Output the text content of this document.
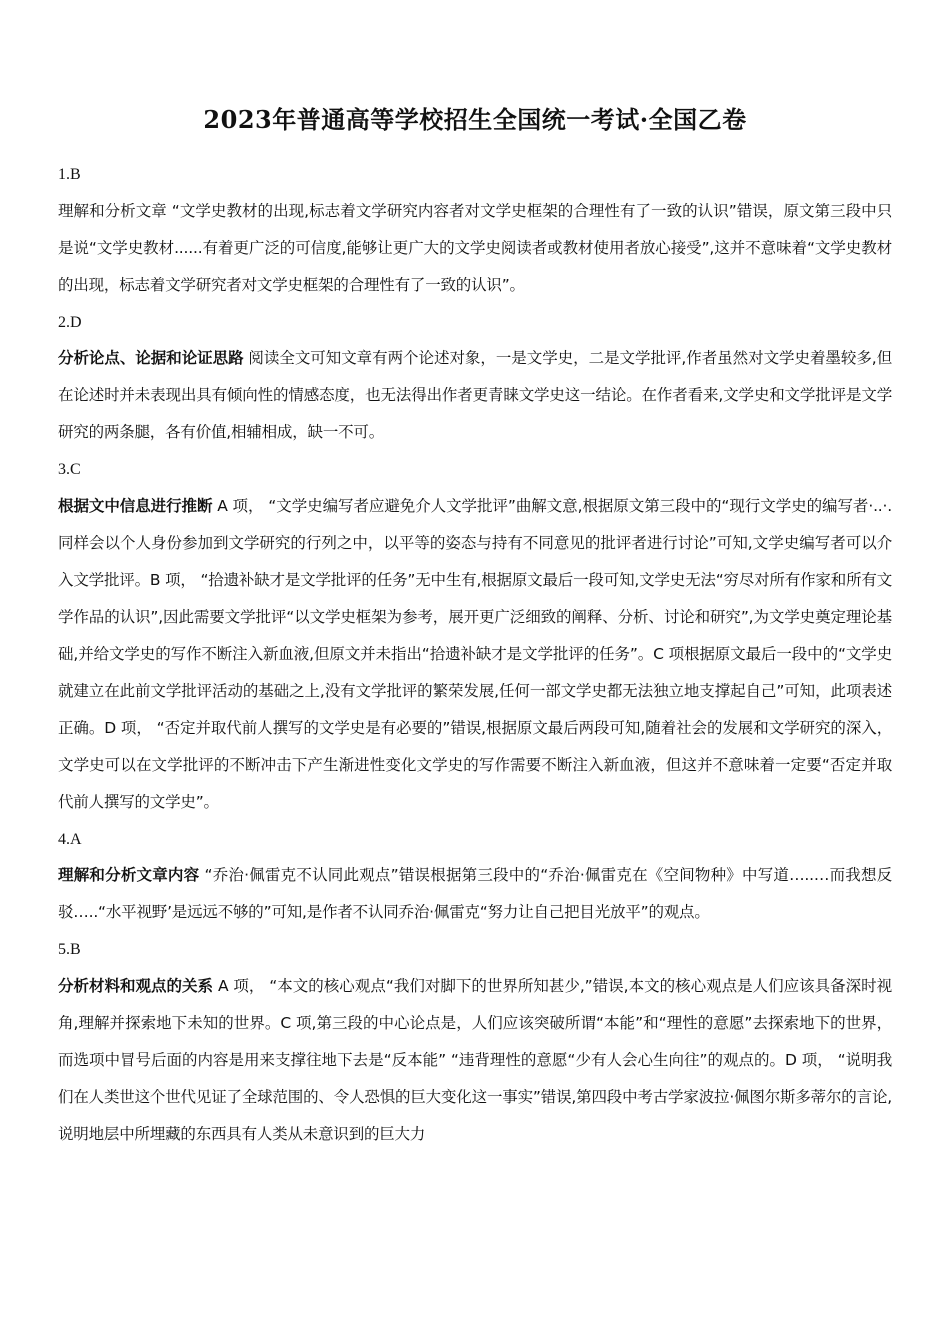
2023年普通高等学校招生全国统一考试·全国乙卷
1.B
理解和分析文章 “文学史教材的出现,标志着文学研究内容者对文学史框架的合理性有了一致的认识”错误，原文第三段中只是说“文学史教材......有着更广泛的可信度,能够让更广大的文学史阅读者或教材使用者放心接受”,这并不意味着“文学史教材的出现，标志着文学研究者对文学史框架的合理性有了一致的认识”。
2.D
分析论点、论据和论证思路 阅读全文可知文章有两个论述对象，一是文学史，二是文学批评,作者虽然对文学史着墨较多,但在论述时并未表现出具有倾向性的情感态度，也无法得出作者更青睐文学史这一结论。在作者看来,文学史和文学批评是文学研究的两条腿，各有价值,相辅相成，缺一不可。
3.C
根据文中信息进行推断 A 项， “文学史编写者应避免介人文学批评”曲解文意,根据原文第三段中的“现行文学史的编写者·..·.同样会以个人身份参加到文学研究的行列之中，以平等的姿态与持有不同意见的批评者进行讨论”可知,文学史编写者可以介入文学批评。B 项， “拾遗补缺才是文学批评的任务”无中生有,根据原文最后一段可知,文学史无法“穷尽对所有作家和所有文学作品的认识”,因此需要文学批评“以文学史框架为参考，展开更广泛细致的阐释、分析、讨论和研究”,为文学史奠定理论基础,并给文学史的写作不断注入新血液,但原文并未指出“拾遗补缺才是文学批评的任务”。C 项根据原文最后一段中的“文学史就建立在此前文学批评活动的基础之上,没有文学批评的繁荣发展,任何一部文学史都无法独立地支撑起自己”可知，此项表述正确。D 项， “否定并取代前人撰写的文学史是有必要的”错误,根据原文最后两段可知,随着社会的发展和文学研究的深入，文学史可以在文学批评的不断冲击下产生渐进性变化文学史的写作需要不断注入新血液，但这并不意味着一定要“否定并取代前人撰写的文学史”。
4.A
理解和分析文章内容 “乔治·佩雷克不认同此观点”错误根据第三段中的“乔治·佩雷克在《空间物种》中写道…..…而我想反驳…..“水平视野’是远远不够的”可知,是作者不认同乔治·佩雷克“努力让自己把目光放平”的观点。
5.B
分析材料和观点的关系 A 项， “本文的核心观点“我们对脚下的世界所知甚少,”错误,本文的核心观点是人们应该具备深时视角,理解并探索地下未知的世界。C 项,第三段的中心论点是，人们应该突破所谓“本能”和“理性的意愿”去探索地下的世界，而选项中冒号后面的内容是用来支撑往地下去是“反本能” “违背理性的意愿“少有人会心生向往”的观点的。D 项， “说明我们在人类世这个世代见证了全球范围的、令人恐惧的巨大变化这一事实”错误,第四段中考古学家波拉·佩图尔斯多蒂尔的言论,说明地层中所埋藏的东西具有人类从未意识到的巨大力
